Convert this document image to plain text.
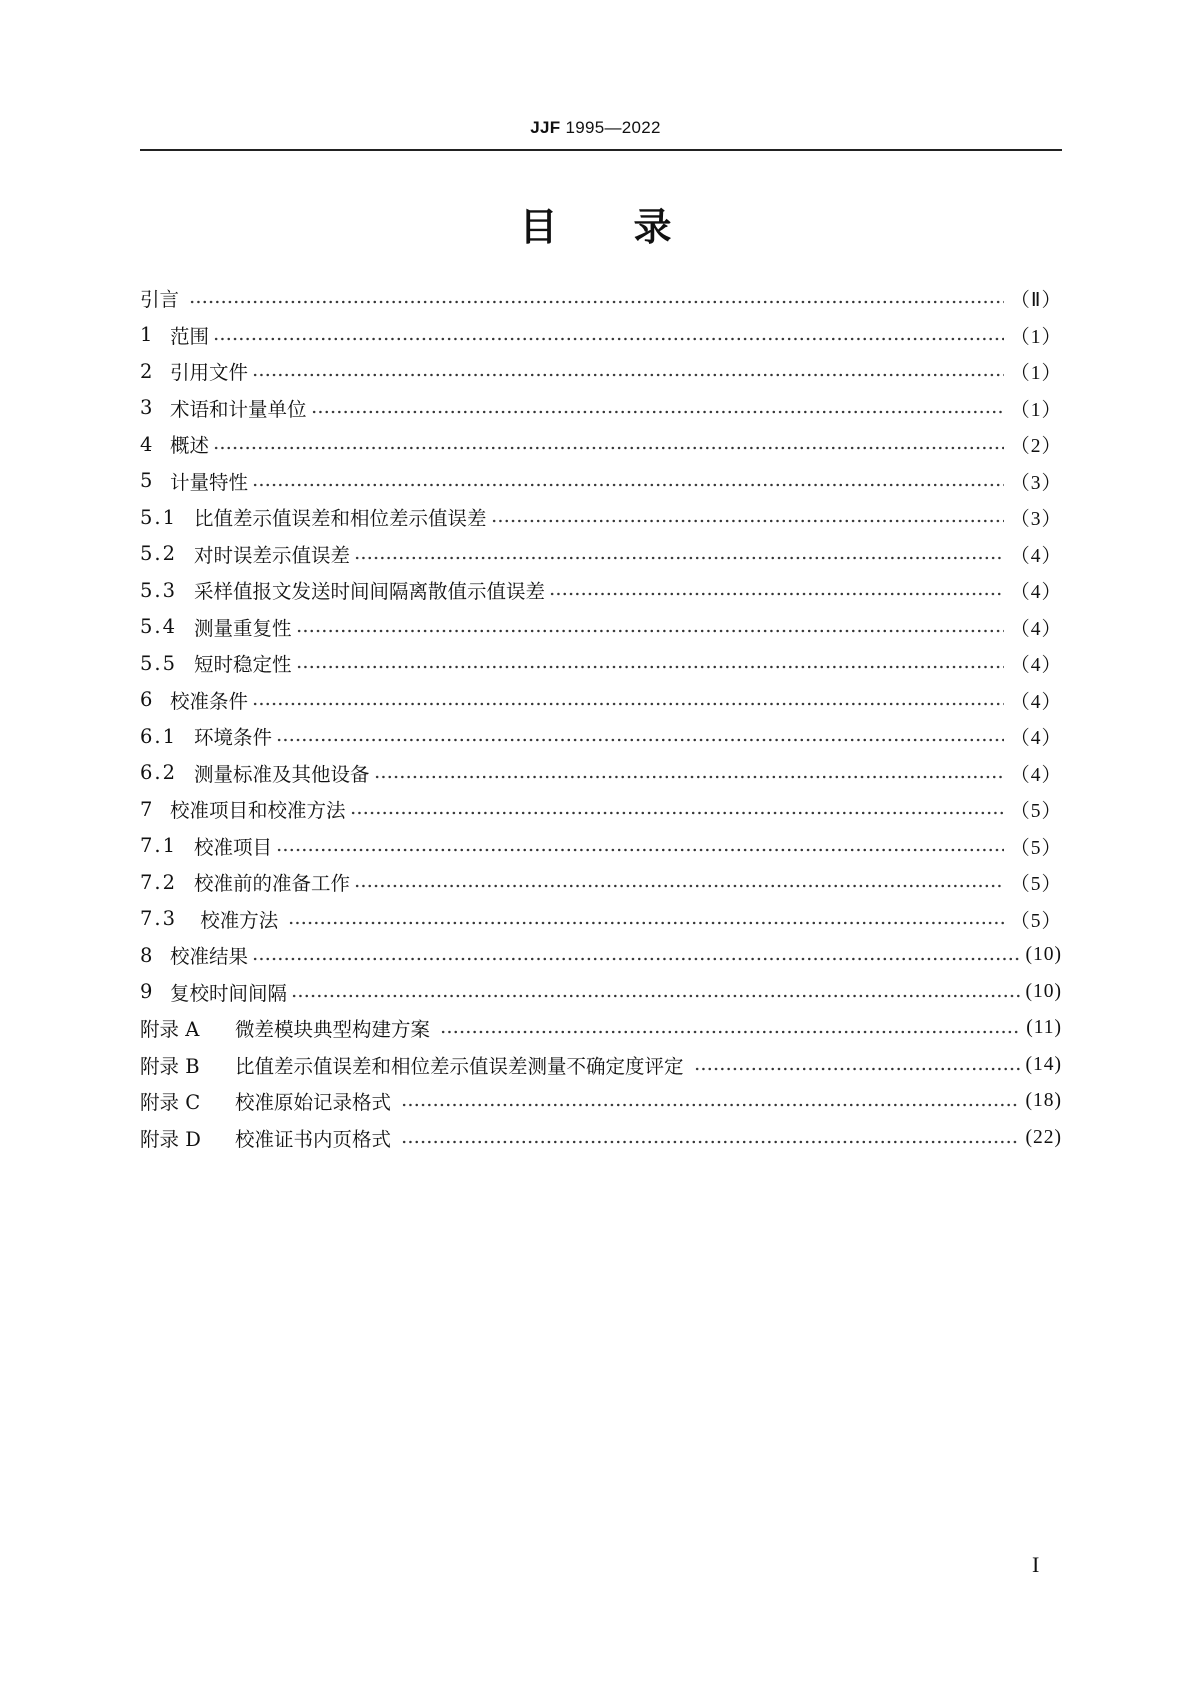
JJF 1995—2022
目 录
引言	（Ⅱ）
1 范围	（1）
2 引用文件	（1）
3 术语和计量单位	（1）
4 概述	（2）
5 计量特性	（3）
5.1 比值差示值误差和相位差示值误差	（3）
5.2 对时误差示值误差	（4）
5.3 采样值报文发送时间间隔离散值示值误差	（4）
5.4 测量重复性	（4）
5.5 短时稳定性	（4）
6 校准条件	（4）
6.1 环境条件	（4）
6.2 测量标准及其他设备	（4）
7 校准项目和校准方法	（5）
7.1 校准项目	（5）
7.2 校准前的准备工作	（5）
7.3 校准方法	（5）
8 校准结果	(10)
9 复校时间间隔	(10)
附录 A	微差模块典型构建方案	(11)
附录 B	比值差示值误差和相位差示值误差测量不确定度评定	(14)
附录 C	校准原始记录格式	(18)
附录 D	校准证书内页格式	(22)
I
